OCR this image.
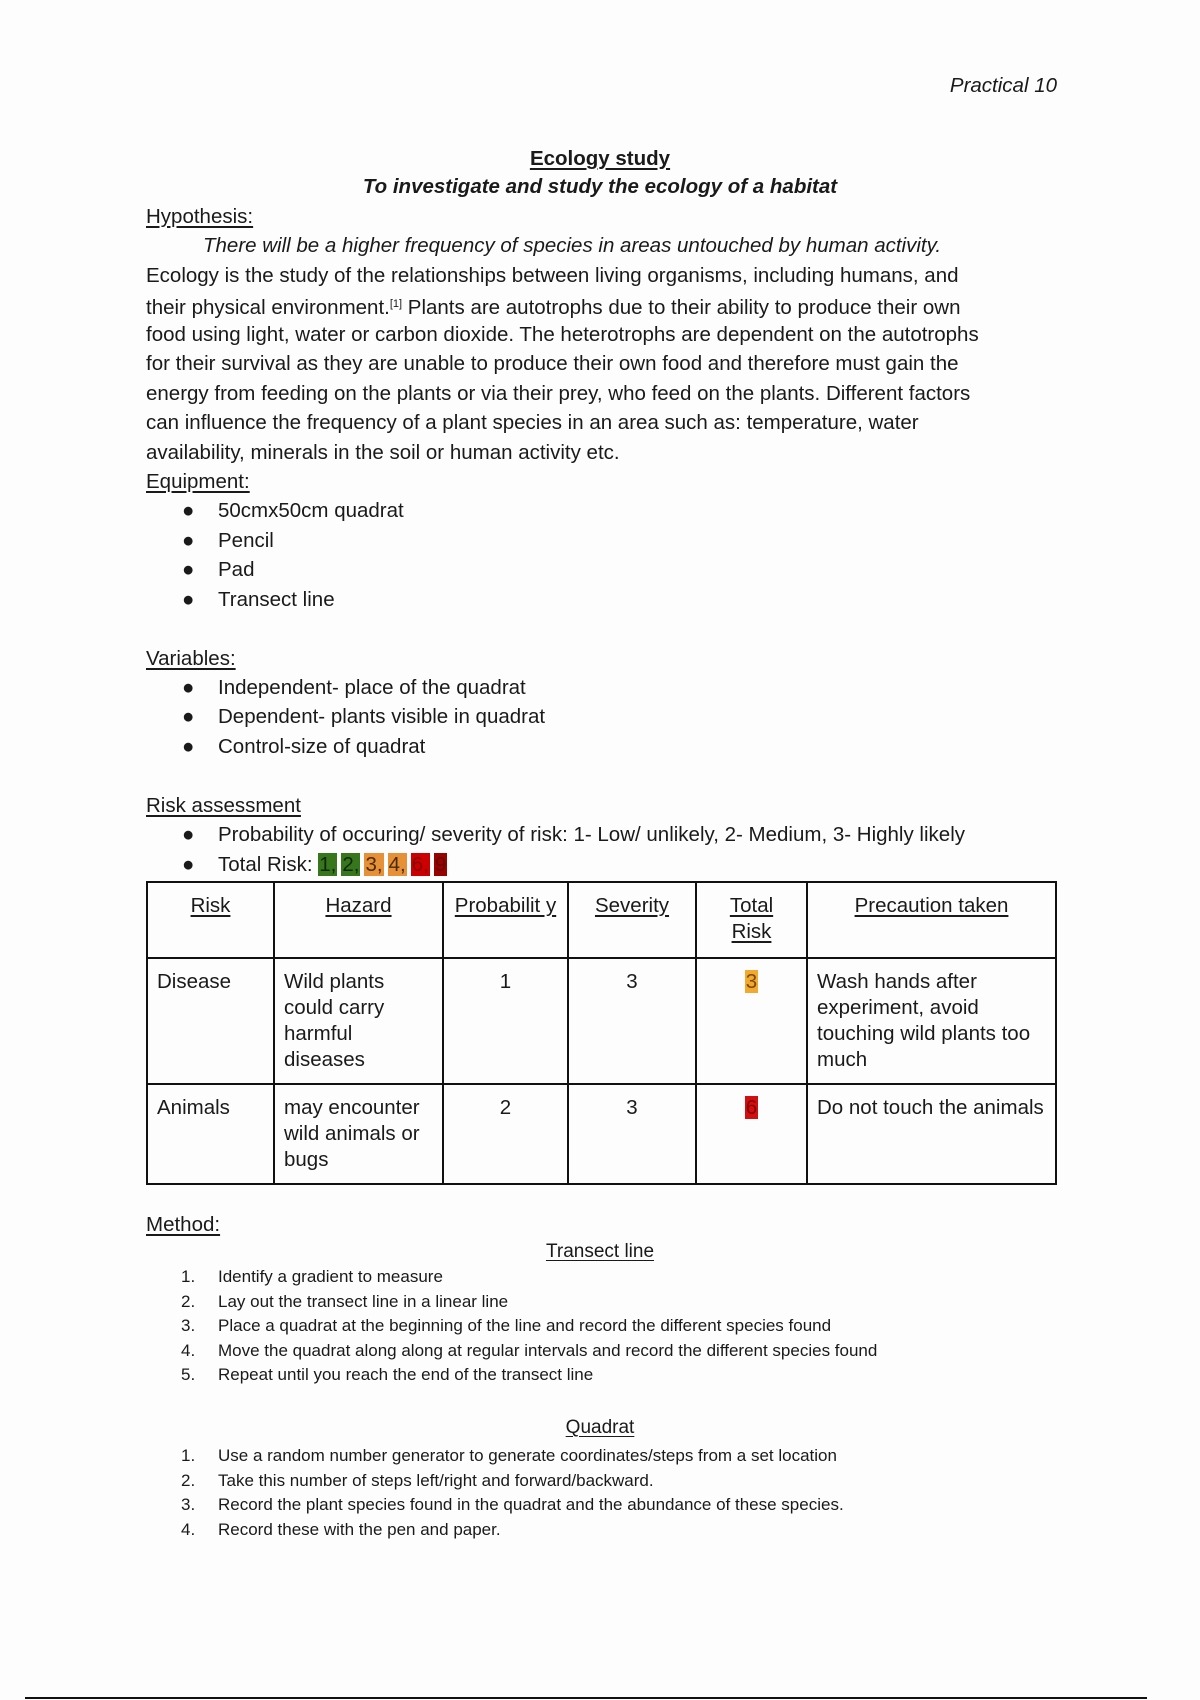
Practical 10
Ecology study
To investigate and study the ecology of a habitat
Hypothesis:
There will be a higher frequency of species in areas untouched by human activity.
Ecology is the study of the relationships between living organisms, including humans, and
their physical environment.[1] Plants are autotrophs due to their ability to produce their own
food using light, water or carbon dioxide. The heterotrophs are dependent on the autotrophs
for their survival as they are unable to produce their own food and therefore must gain the
energy from feeding on the plants or via their prey, who feed on the plants. Different factors
can influence the frequency of a plant species in an area such as: temperature, water
availability, minerals in the soil or human activity etc.
Equipment:
● 50cmx50cm quadrat
● Pencil
● Pad
● Transect line
Variables:
● Independent- place of the quadrat
● Dependent- plants visible in quadrat
● Control-size of quadrat
Risk assessment
● Probability of occuring/ severity of risk: 1- Low/ unlikely, 2- Medium, 3- Highly likely
● Total Risk: 1, 2, 3, 4, 6, 9
Risk	Hazard	Probabilit y	Severity	Total Risk	Precaution taken
Disease	Wild plants could carry harmful diseases	1	3	3	Wash hands after experiment, avoid touching wild plants too much
Animals	may encounter wild animals or bugs	2	3	6	Do not touch the animals
Method:
Transect line
1. Identify a gradient to measure
2. Lay out the transect line in a linear line
3. Place a quadrat at the beginning of the line and record the different species found
4. Move the quadrat along along at regular intervals and record the different species found
5. Repeat until you reach the end of the transect line
Quadrat
1. Use a random number generator to generate coordinates/steps from a set location
2. Take this number of steps left/right and forward/backward.
3. Record the plant species found in the quadrat and the abundance of these species.
4. Record these with the pen and paper.
